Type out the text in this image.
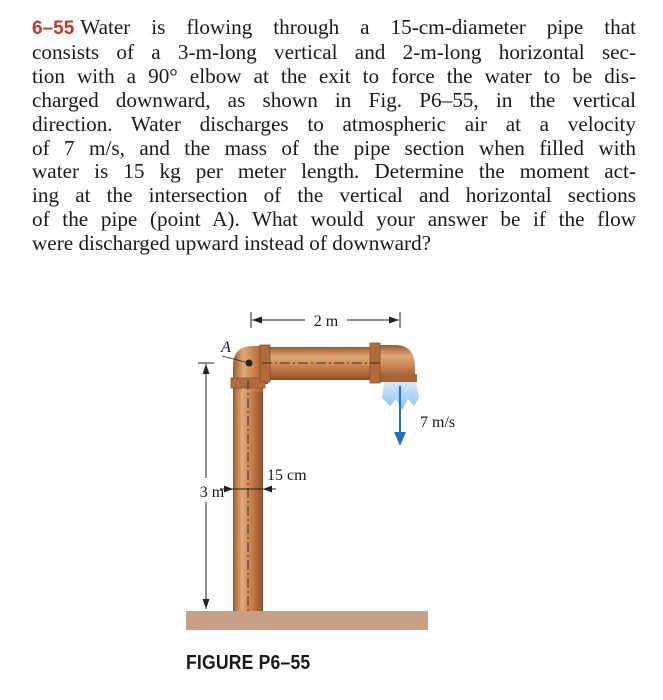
6–55 Water is flowing through a 15-cm-diameter pipe that
consists of a 3-m-long vertical and 2-m-long horizontal sec-
tion with a 90° elbow at the exit to force the water to be dis-
charged downward, as shown in Fig. P6–55, in the vertical
direction. Water discharges to atmospheric air at a velocity
of 7 m/s, and the mass of the pipe section when filled with
water is 15 kg per meter length. Determine the moment act-
ing at the intersection of the vertical and horizontal sections
of the pipe (point A). What would your answer be if the flow
were discharged upward instead of downward?

2 m
A
3 m
15 cm
7 m/s
FIGURE P6–55
